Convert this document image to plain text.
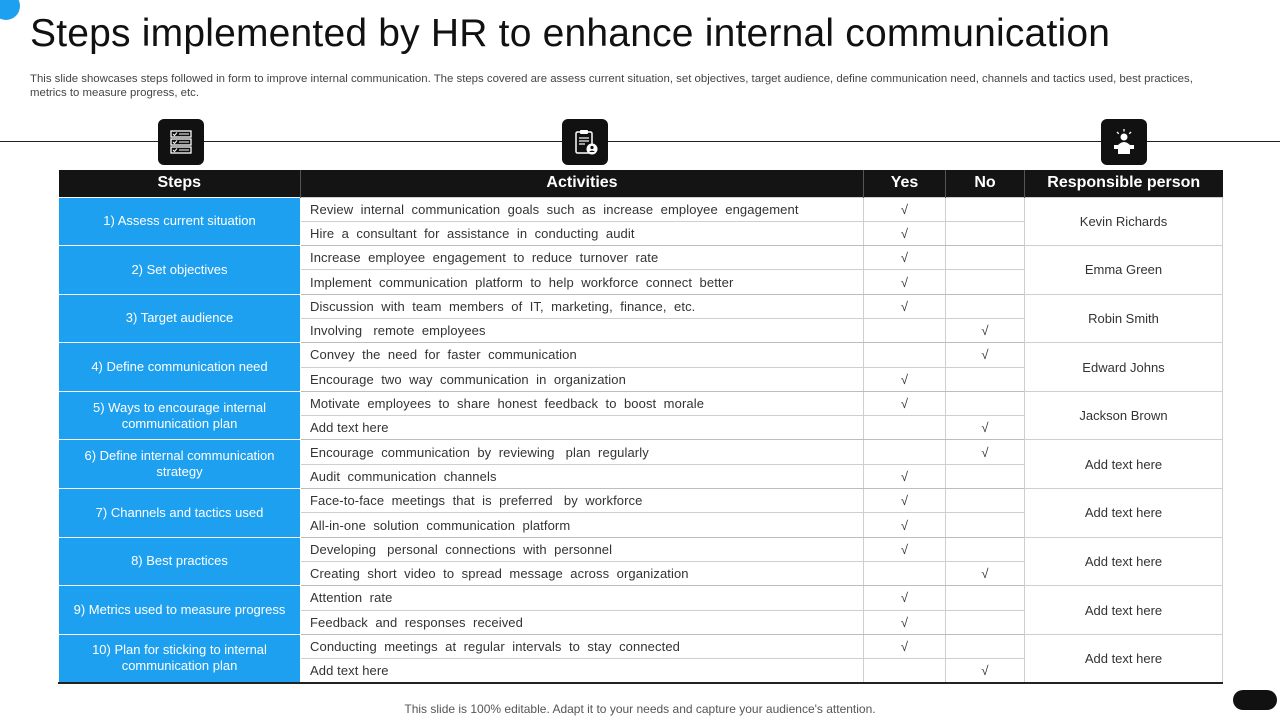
Steps implemented by HR to enhance internal communication
This slide showcases steps followed in form to improve internal communication. The steps covered are assess current situation, set objectives, target audience, define communication need, channels and tactics used, best practices, metrics to measure progress, etc.
Steps	Activities	Yes	No	Responsible person
1) Assess current situation	Review  internal  communication  goals  such  as  increase  employee  engagement	√		Kevin Richards
	Hire  a  consultant  for  assistance  in  conducting  audit	√		
2) Set objectives	Increase  employee  engagement  to  reduce  turnover  rate	√		Emma Green
	Implement  communication  platform  to  help  workforce  connect  better	√		
3) Target audience	Discussion  with  team  members  of  IT,  marketing,  finance,  etc.	√		Robin Smith
	Involving   remote  employees		√	
4) Define communication need	Convey  the  need  for  faster  communication		√	Edward Johns
	Encourage  two  way  communication  in  organization	√		
5) Ways to encourage internal communication plan	Motivate  employees  to  share  honest  feedback  to  boost  morale	√		Jackson Brown
	Add text here		√	
6) Define internal communication strategy	Encourage  communication  by  reviewing   plan  regularly		√	Add text here
	Audit  communication  channels	√		
7) Channels and tactics used	Face-to-face  meetings  that  is  preferred   by  workforce	√		Add text here
	All-in-one  solution  communication  platform	√		
8) Best practices	Developing   personal  connections  with  personnel	√		Add text here
	Creating  short  video  to  spread  message  across  organization		√	
9) Metrics used to measure progress	Attention  rate	√		Add text here
	Feedback  and  responses  received	√		
10) Plan for sticking to internal communication plan	Conducting  meetings  at  regular  intervals  to  stay  connected	√		Add text here
	Add text here		√	
This slide is 100% editable. Adapt it to your needs and capture your audience's attention.
